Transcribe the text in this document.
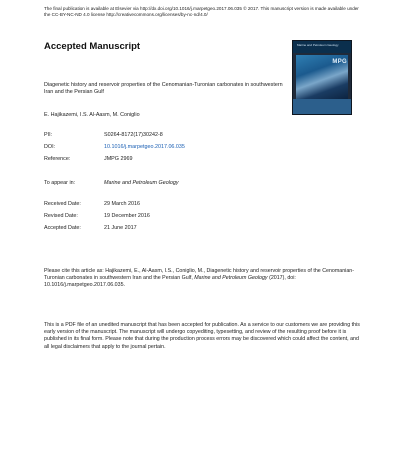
The final publication is available at Elsevier via http://dx.doi.org/10.1016/j.marpetgeo.2017.06.035 © 2017. This manuscript version is made available under the CC-BY-NC-ND 4.0 license http://creativecommons.org/licenses/by-nc-nd/4.0/
Accepted Manuscript	Marine and Petroleum Geology
MPG
Diagenetic history and reservoir properties of the Cenomanian-Turonian carbonates in southwestern Iran and the Persian Gulf
E. Hajikazemi, I.S. Al-Aasm, M. Coniglio
PII:	S0264-8172(17)30242-8
DOI:	10.1016/j.marpetgeo.2017.06.035
Reference:	JMPG 2969
To appear in:	Marine and Petroleum Geology
Received Date:	29 March 2016
Revised Date:	19 December 2016
Accepted Date:	21 June 2017
Please cite this article as: Hajikazemi, E., Al-Aasm, I.S., Coniglio, M., Diagenetic history and reservoir properties of the Cenomanian-Turonian carbonates in southwestern Iran and the Persian Gulf, Marine and Petroleum Geology (2017), doi: 10.1016/j.marpetgeo.2017.06.035.
This is a PDF file of an unedited manuscript that has been accepted for publication. As a service to our customers we are providing this early version of the manuscript. The manuscript will undergo copyediting, typesetting, and review of the resulting proof before it is published in its final form. Please note that during the production process errors may be discovered which could affect the content, and all legal disclaimers that apply to the journal pertain.
